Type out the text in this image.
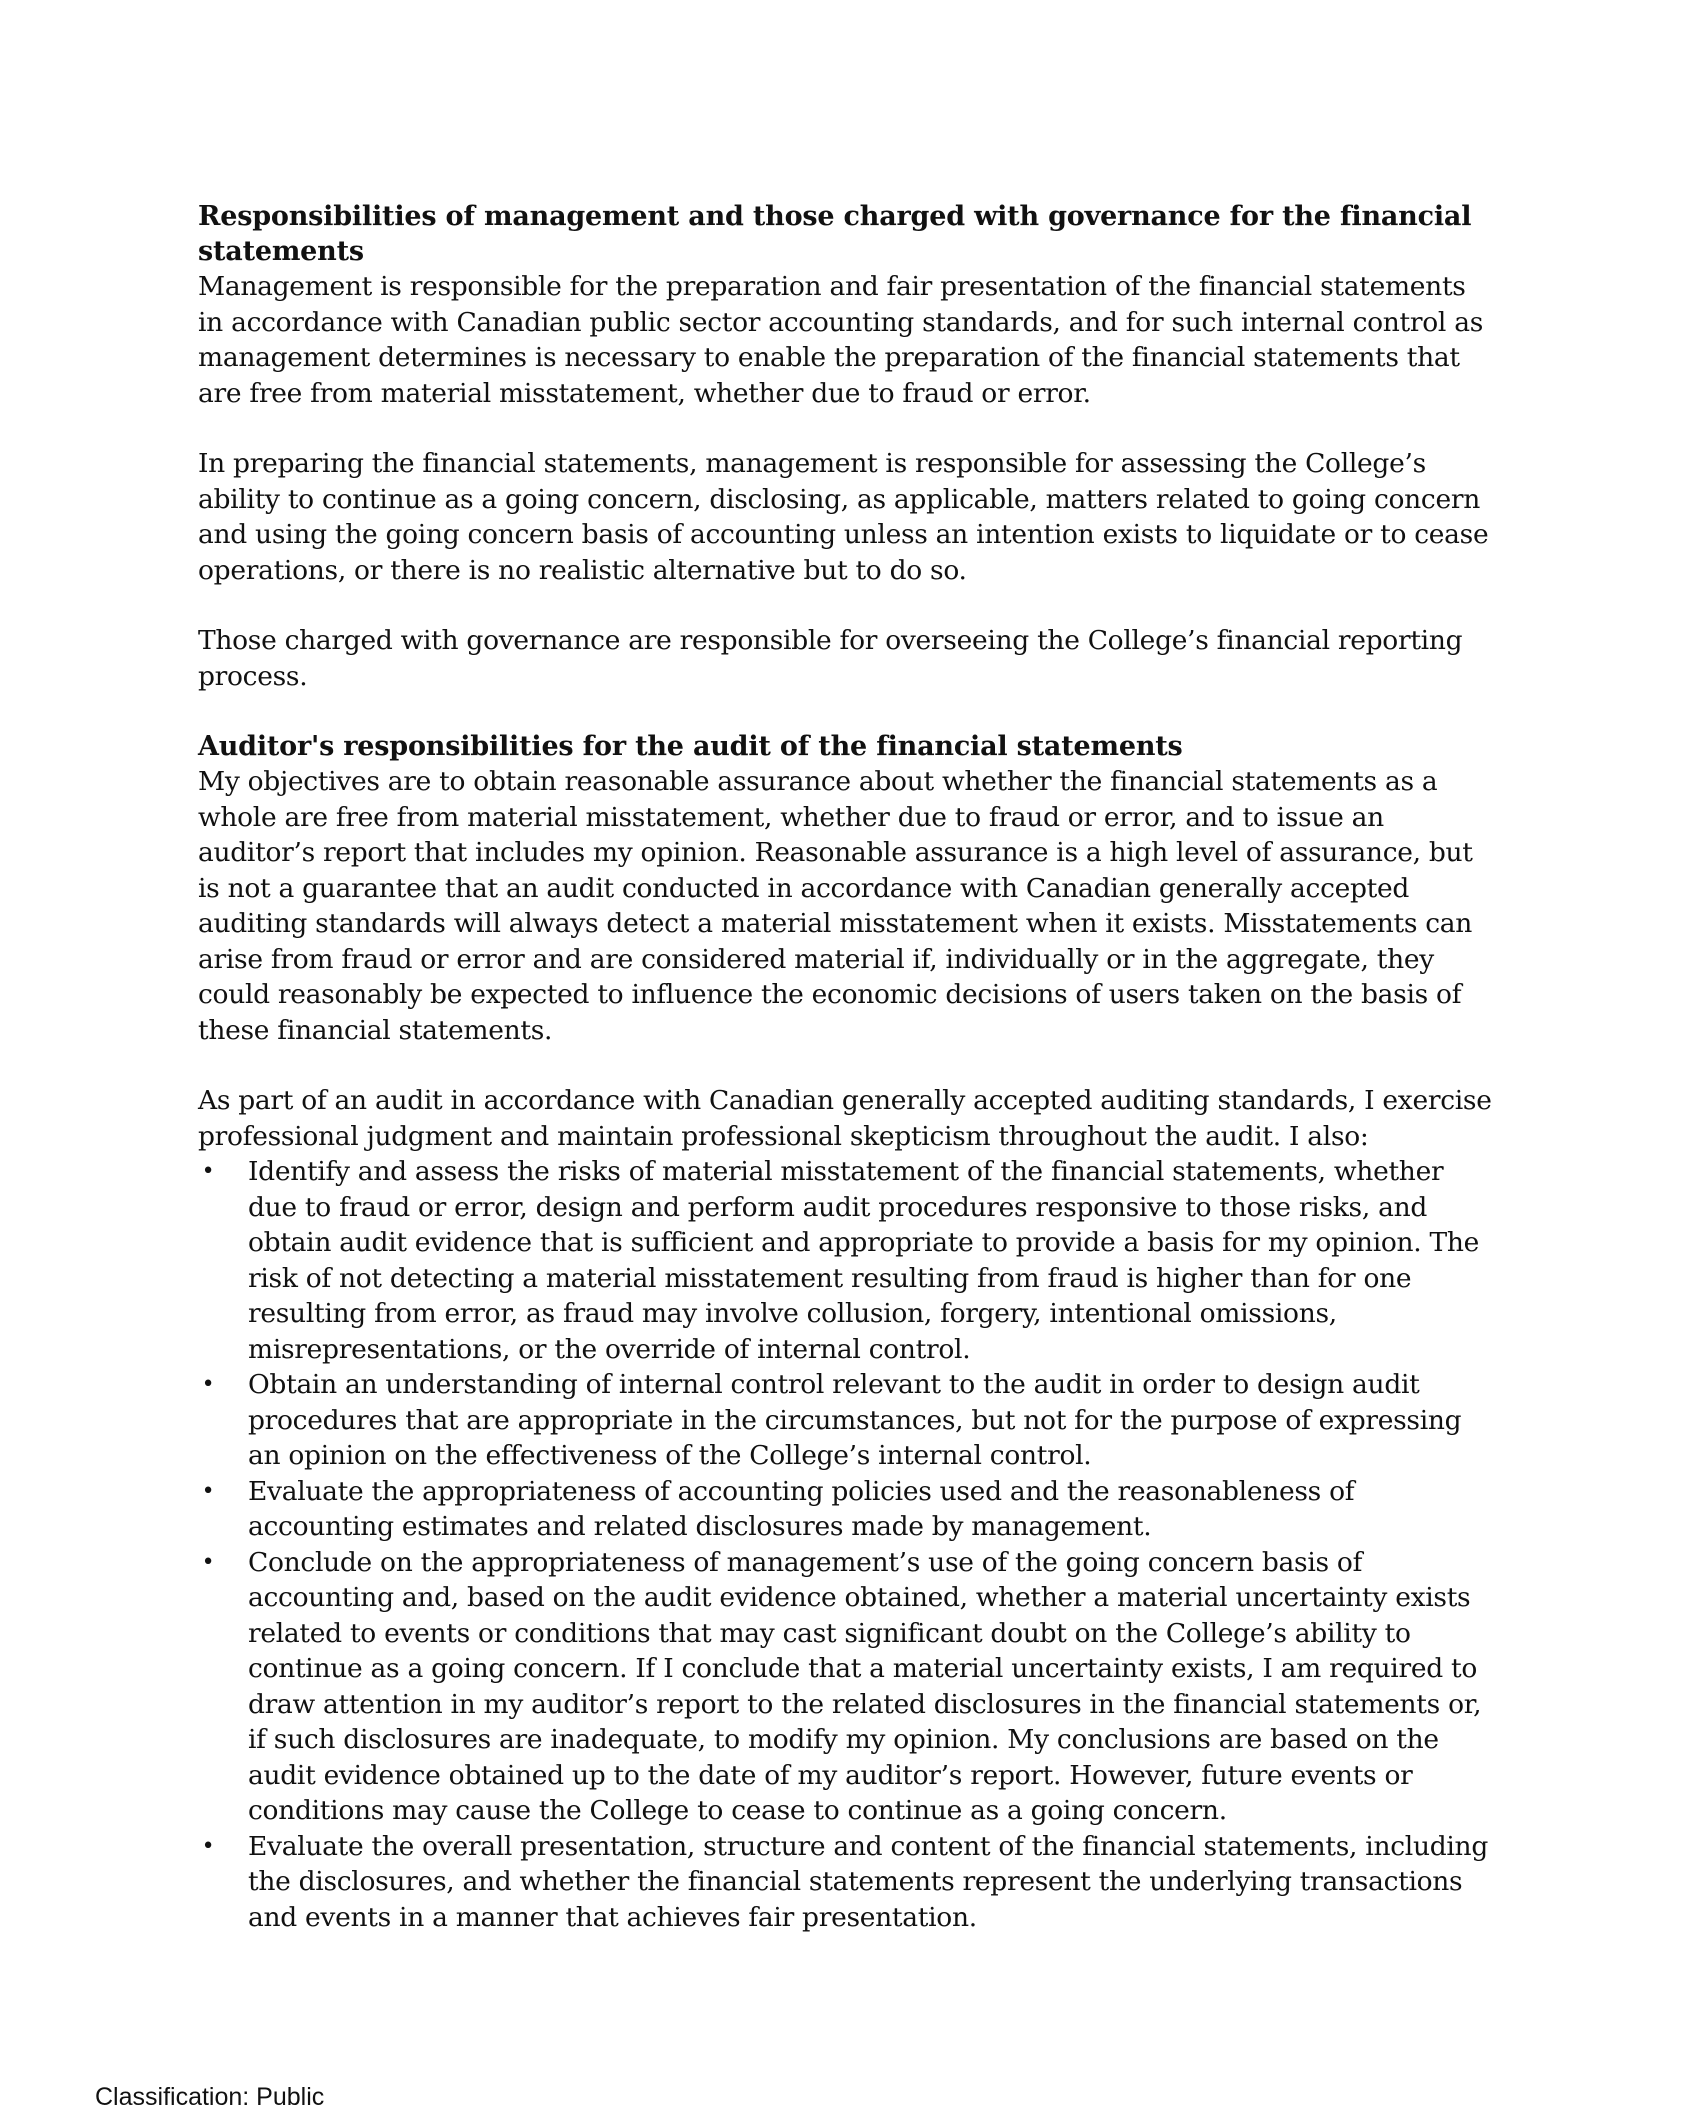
Responsibilities of management and those charged with governance for the financial statements

Management is responsible for the preparation and fair presentation of the financial statements in accordance with Canadian public sector accounting standards, and for such internal control as management determines is necessary to enable the preparation of the financial statements that are free from material misstatement, whether due to fraud or error.

In preparing the financial statements, management is responsible for assessing the College’s ability to continue as a going concern, disclosing, as applicable, matters related to going concern and using the going concern basis of accounting unless an intention exists to liquidate or to cease operations, or there is no realistic alternative but to do so.

Those charged with governance are responsible for overseeing the College’s financial reporting process.

Auditor's responsibilities for the audit of the financial statements

My objectives are to obtain reasonable assurance about whether the financial statements as a whole are free from material misstatement, whether due to fraud or error, and to issue an auditor’s report that includes my opinion. Reasonable assurance is a high level of assurance, but is not a guarantee that an audit conducted in accordance with Canadian generally accepted auditing standards will always detect a material misstatement when it exists. Misstatements can arise from fraud or error and are considered material if, individually or in the aggregate, they could reasonably be expected to influence the economic decisions of users taken on the basis of these financial statements.

As part of an audit in accordance with Canadian generally accepted auditing standards, I exercise professional judgment and maintain professional skepticism throughout the audit. I also:

• Identify and assess the risks of material misstatement of the financial statements, whether due to fraud or error, design and perform audit procedures responsive to those risks, and obtain audit evidence that is sufficient and appropriate to provide a basis for my opinion. The risk of not detecting a material misstatement resulting from fraud is higher than for one resulting from error, as fraud may involve collusion, forgery, intentional omissions, misrepresentations, or the override of internal control.
• Obtain an understanding of internal control relevant to the audit in order to design audit procedures that are appropriate in the circumstances, but not for the purpose of expressing an opinion on the effectiveness of the College’s internal control.
• Evaluate the appropriateness of accounting policies used and the reasonableness of accounting estimates and related disclosures made by management.
• Conclude on the appropriateness of management’s use of the going concern basis of accounting and, based on the audit evidence obtained, whether a material uncertainty exists related to events or conditions that may cast significant doubt on the College’s ability to continue as a going concern. If I conclude that a material uncertainty exists, I am required to draw attention in my auditor’s report to the related disclosures in the financial statements or, if such disclosures are inadequate, to modify my opinion. My conclusions are based on the audit evidence obtained up to the date of my auditor’s report. However, future events or conditions may cause the College to cease to continue as a going concern.
• Evaluate the overall presentation, structure and content of the financial statements, including the disclosures, and whether the financial statements represent the underlying transactions and events in a manner that achieves fair presentation.
Classification: Public
